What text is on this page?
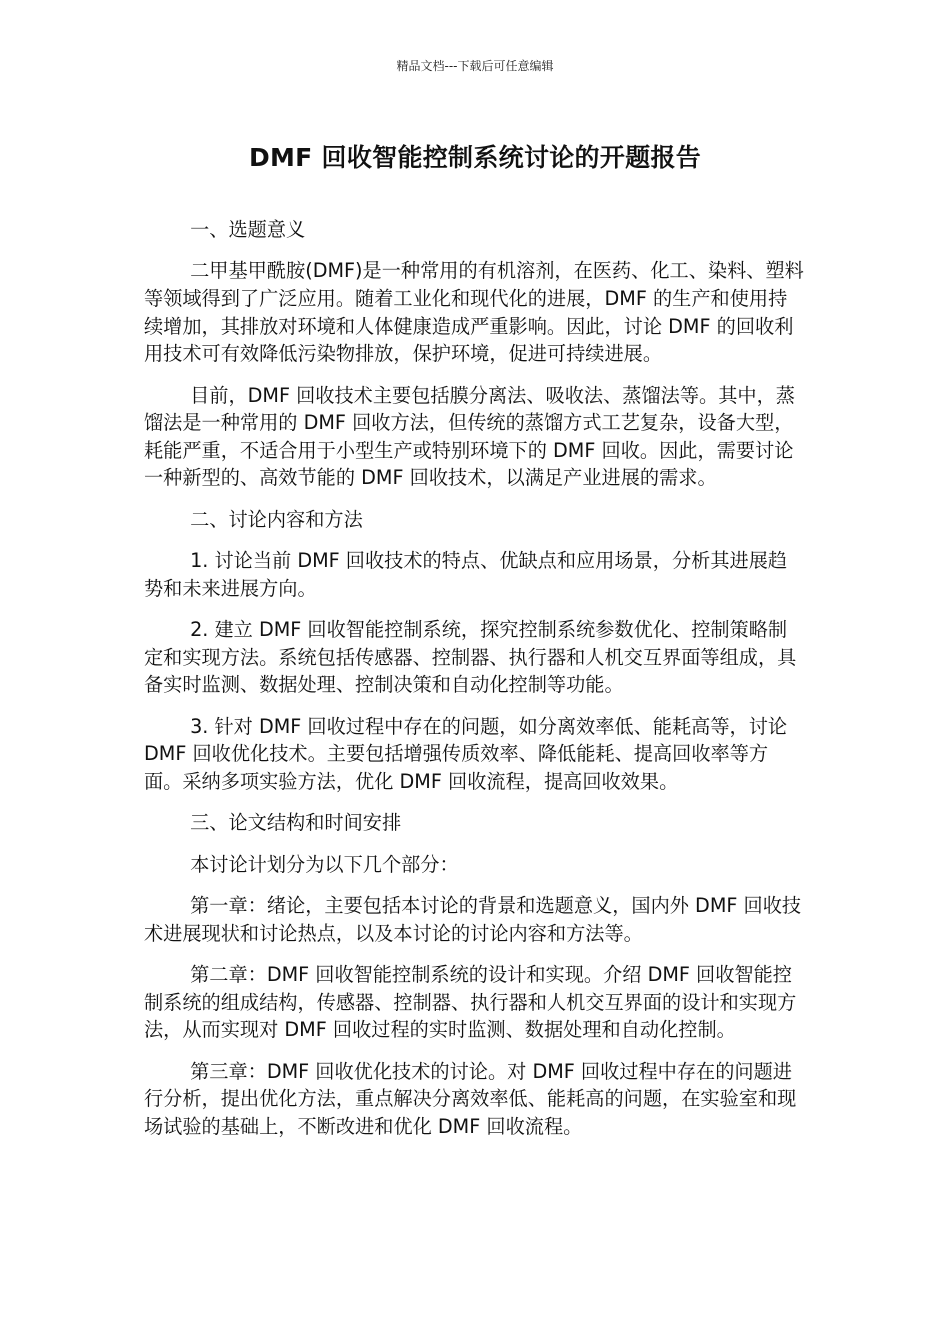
精品文档---下载后可任意编辑
DMF 回收智能控制系统讨论的开题报告

一、选题意义

二甲基甲酰胺(DMF)是一种常用的有机溶剂，在医药、化工、染料、塑料等领域得到了广泛应用。随着工业化和现代化的进展，DMF 的生产和使用持续增加，其排放对环境和人体健康造成严重影响。因此，讨论 DMF 的回收利用技术可有效降低污染物排放，保护环境，促进可持续进展。

目前，DMF 回收技术主要包括膜分离法、吸收法、蒸馏法等。其中，蒸馏法是一种常用的 DMF 回收方法，但传统的蒸馏方式工艺复杂，设备大型，耗能严重，不适合用于小型生产或特别环境下的 DMF 回收。因此，需要讨论一种新型的、高效节能的 DMF 回收技术，以满足产业进展的需求。

二、讨论内容和方法

1. 讨论当前 DMF 回收技术的特点、优缺点和应用场景，分析其进展趋势和未来进展方向。

2. 建立 DMF 回收智能控制系统，探究控制系统参数优化、控制策略制定和实现方法。系统包括传感器、控制器、执行器和人机交互界面等组成，具备实时监测、数据处理、控制决策和自动化控制等功能。

3. 针对 DMF 回收过程中存在的问题，如分离效率低、能耗高等，讨论 DMF 回收优化技术。主要包括增强传质效率、降低能耗、提高回收率等方面。采纳多项实验方法，优化 DMF 回收流程，提高回收效果。

三、论文结构和时间安排

本讨论计划分为以下几个部分：

第一章：绪论，主要包括本讨论的背景和选题意义，国内外 DMF 回收技术进展现状和讨论热点，以及本讨论的讨论内容和方法等。

第二章：DMF 回收智能控制系统的设计和实现。介绍 DMF 回收智能控制系统的组成结构，传感器、控制器、执行器和人机交互界面的设计和实现方法，从而实现对 DMF 回收过程的实时监测、数据处理和自动化控制。

第三章：DMF 回收优化技术的讨论。对 DMF 回收过程中存在的问题进行分析，提出优化方法，重点解决分离效率低、能耗高的问题，在实验室和现场试验的基础上，不断改进和优化 DMF 回收流程。
